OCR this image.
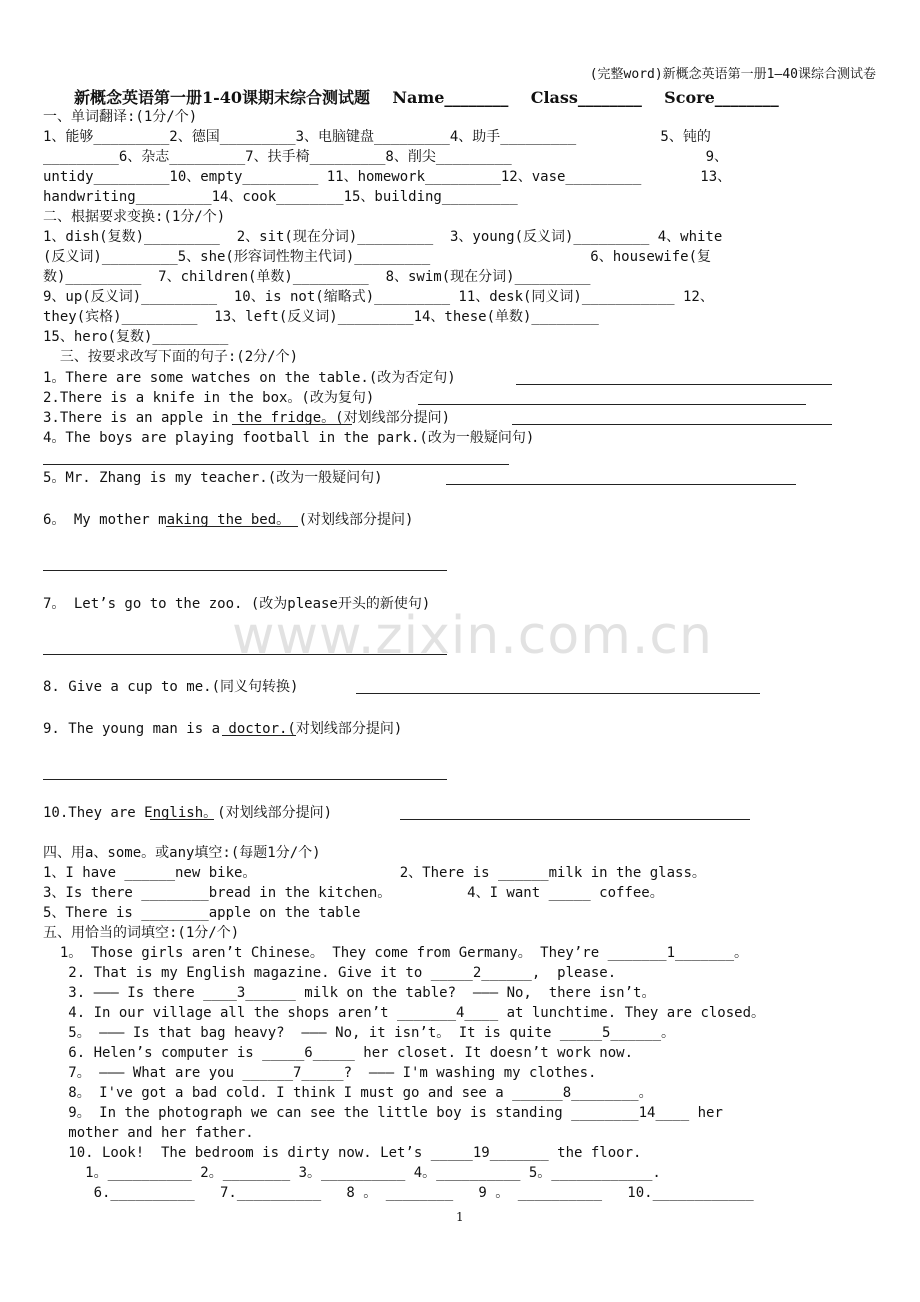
(完整word)新概念英语第一册1—40课综合测试卷
新概念英语第一册1-40课期末综合测试题    Name________    Class________    Score________
一、单词翻译:(1分/个)
1、能够_________2、德国_________3、电脑键盘_________4、助手_________          5、钝的
_________6、杂志_________7、扶手椅_________8、削尖_________                       9、
untidy_________10、empty_________ 11、homework_________12、vase_________       13、
handwriting_________14、cook________15、building_________
二、根据要求变换:(1分/个)
1、dish(复数)_________  2、sit(现在分词)_________  3、young(反义词)_________ 4、white
(反义词)_________5、she(形容词性物主代词)_________                   6、housewife(复
数)_________  7、children(单数)_________  8、swim(现在分词)_________
9、up(反义词)_________  10、is not(缩略式)_________ 11、desk(同义词)___________ 12、
they(宾格)_________  13、left(反义词)_________14、these(单数)________
15、hero(复数)_________
三、按要求改写下面的句子:(2分/个)
1。There are some watches on the table.(改为否定句)
2.There is a knife in the box。(改为复句)
3.There is an apple in the fridge。(对划线部分提问)
4。The boys are playing football in the park.(改为一般疑问句)
5。Mr. Zhang is my teacher.(改为一般疑问句)
6。 My mother making the bed。 (对划线部分提问)
7。 Let’s go to the zoo. (改为please开头的新使句)
8. Give a cup to me.(同义句转换)
9. The young man is a doctor.(对划线部分提问)
10.They are English。(对划线部分提问)
四、用a、some。或any填空:(每题1分/个)
1、I have ______new bike。                 2、There is ______milk in the glass。
3、Is there ________bread in the kitchen。         4、I want _____ coffee。
5、There is ________apple on the table
五、用恰当的词填空:(1分/个)
1。 Those girls aren’t Chinese。 They come from Germany。 They’re _______1_______。
2. That is my English magazine. Give it to _____2______,  please.
3. ——— Is there ____3______ milk on the table?  ——— No,  there isn’t。
4. In our village all the shops aren’t _______4____ at lunchtime. They are closed。
5。 ——— Is that bag heavy?  ——— No, it isn’t。 It is quite _____5______。
6. Helen’s computer is _____6_____ her closet. It doesn’t work now.
7。 ——— What are you ______7_____?  ——— I'm washing my clothes.
8。 I've got a bad cold. I think I must go and see a ______8________。
9。 In the photograph we can see the little boy is standing ________14____ her
mother and her father.
10. Look!  The bedroom is dirty now. Let’s _____19_______ the floor.
1。__________ 2。________ 3。__________ 4。__________ 5。____________.
6.__________   7.__________   8 。 ________   9 。 __________   10.____________
www.zixin.com.cn
1
